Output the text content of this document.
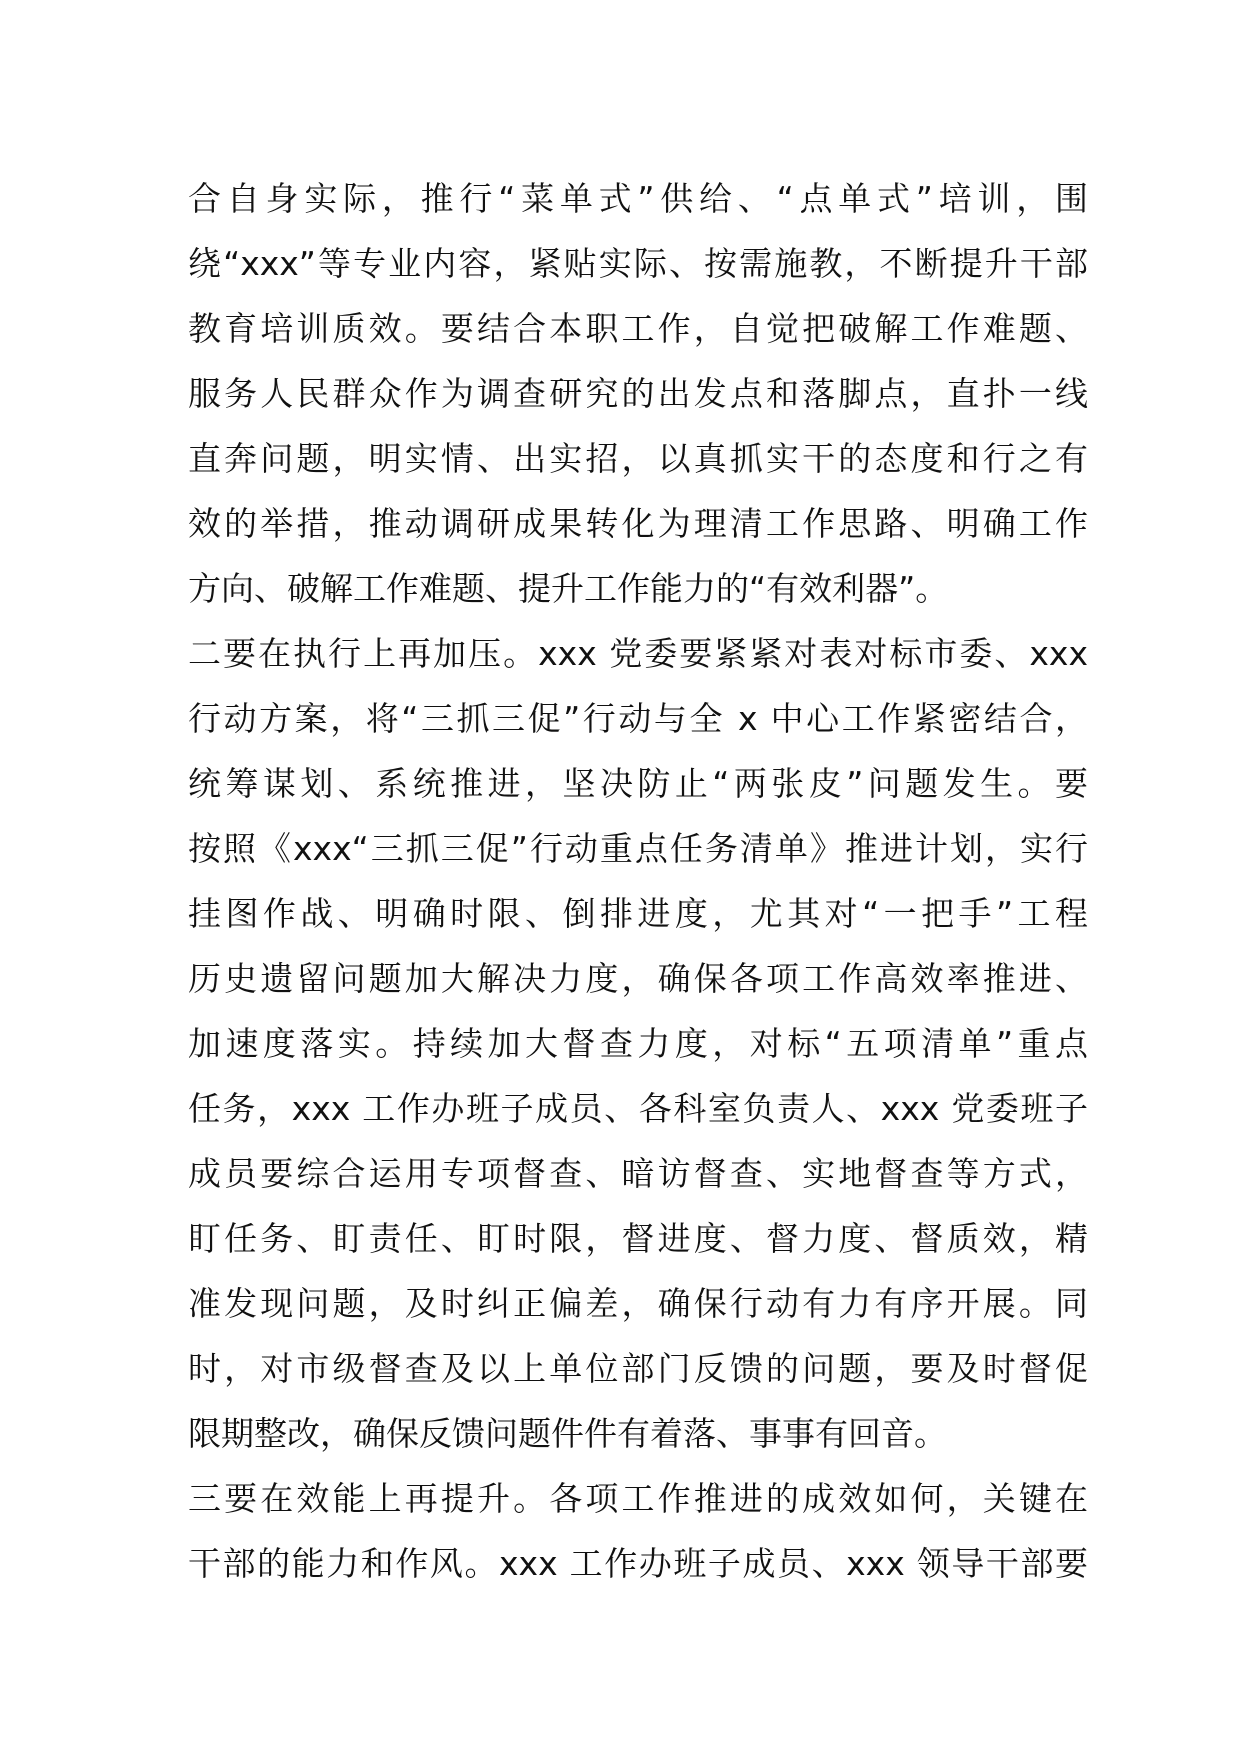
合自身实际，推行“菜单式”供给、“点单式”培训，围
绕“xxx”等专业内容，紧贴实际、按需施教，不断提升干部
教育培训质效。要结合本职工作，自觉把破解工作难题、
服务人民群众作为调查研究的出发点和落脚点，直扑一线
直奔问题，明实情、出实招，以真抓实干的态度和行之有
效的举措，推动调研成果转化为理清工作思路、明确工作
方向、破解工作难题、提升工作能力的“有效利器”。
二要在执行上再加压。xxx 党委要紧紧对表对标市委、xxx
行动方案，将“三抓三促”行动与全 x 中心工作紧密结合，
统筹谋划、系统推进，坚决防止“两张皮”问题发生。要
按照《xxx“三抓三促”行动重点任务清单》推进计划，实行
挂图作战、明确时限、倒排进度，尤其对“一把手”工程
历史遗留问题加大解决力度，确保各项工作高效率推进、
加速度落实。持续加大督查力度，对标“五项清单”重点
任务，xxx 工作办班子成员、各科室负责人、xxx 党委班子
成员要综合运用专项督查、暗访督查、实地督查等方式，
盯任务、盯责任、盯时限，督进度、督力度、督质效，精
准发现问题，及时纠正偏差，确保行动有力有序开展。同
时，对市级督查及以上单位部门反馈的问题，要及时督促
限期整改，确保反馈问题件件有着落、事事有回音。
三要在效能上再提升。各项工作推进的成效如何，关键在
干部的能力和作风。xxx 工作办班子成员、xxx 领导干部要
